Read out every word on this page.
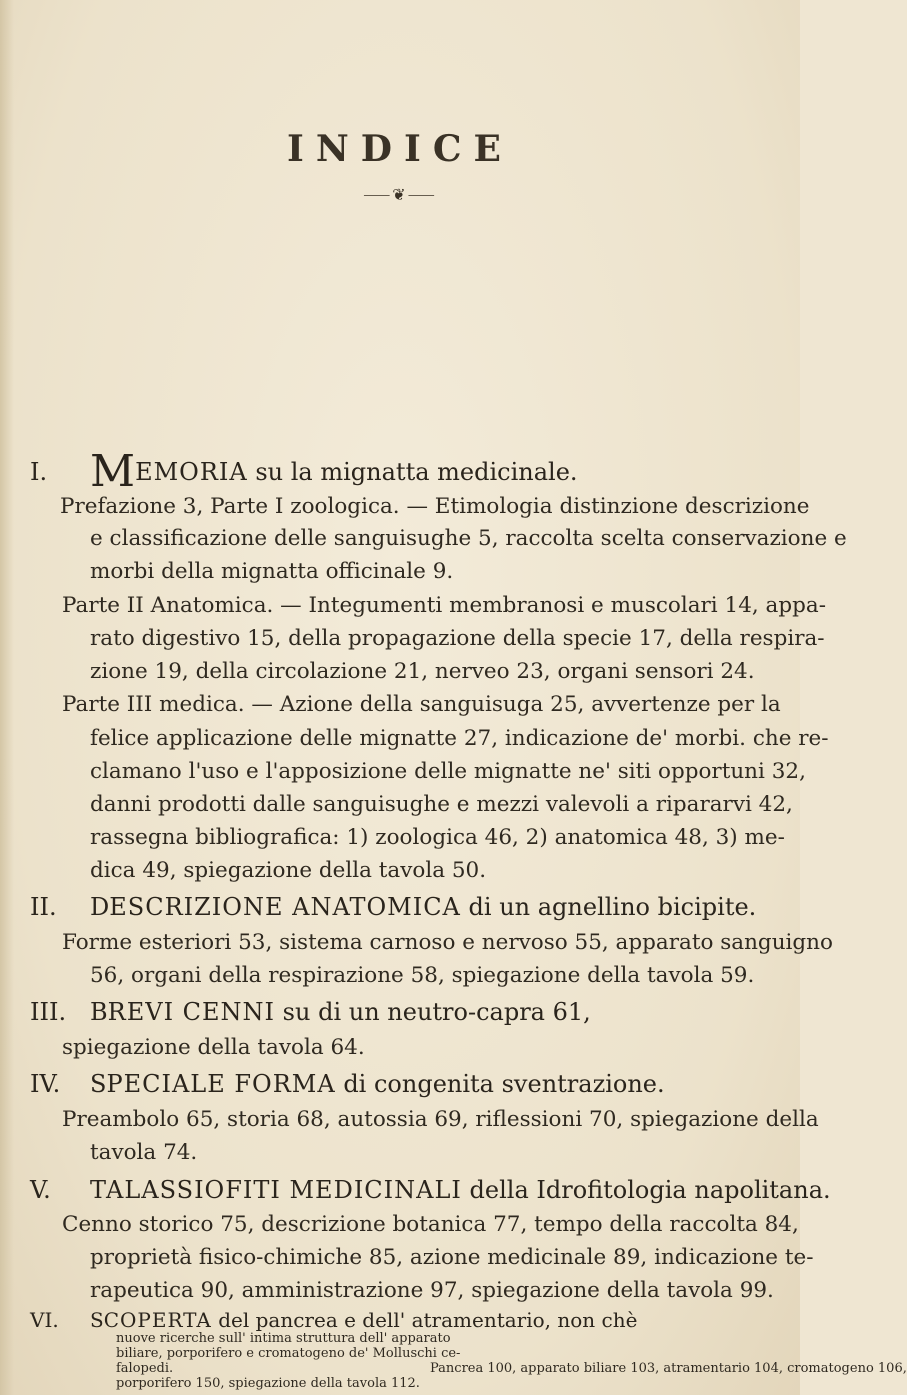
INDICE
⸺❦⸺
I. MEMORIA su la mignatta medicinale.
Prefazione 3, Parte I zoologica. — Etimologia distinzione descrizione
e classificazione delle sanguisughe 5, raccolta scelta conservazione e
morbi della mignatta officinale 9.
Parte II Anatomica. — Integumenti membranosi e muscolari 14, appa-
rato digestivo 15, della propagazione della specie 17, della respira-
zione 19, della circolazione 21, nerveo 23, organi sensori 24.
Parte III medica. — Azione della sanguisuga 25, avvertenze per la
felice applicazione delle mignatte 27, indicazione de' morbi. che re-
clamano l'uso e l'apposizione delle mignatte ne' siti opportuni 32,
danni prodotti dalle sanguisughe e mezzi valevoli a ripararvi 42,
rassegna bibliografica: 1) zoologica 46, 2) anatomica 48, 3) me-
dica 49, spiegazione della tavola 50.
II. DESCRIZIONE ANATOMICA di un agnellino bicipite.
Forme esteriori 53, sistema carnoso e nervoso 55, apparato sanguigno
56, organi della respirazione 58, spiegazione della tavola 59.
III. BREVI CENNI su di un neutro-capra 61,
spiegazione della tavola 64.
IV. SPECIALE FORMA di congenita sventrazione.
Preambolo 65, storia 68, autossia 69, riflessioni 70, spiegazione della
tavola 74.
V. TALASSIOFITI MEDICINALI della Idrofitologia napolitana.
Cenno storico 75, descrizione botanica 77, tempo della raccolta 84,
proprietà fisico-chimiche 85, azione medicinale 89, indicazione te-
rapeutica 90, amministrazione 97, spiegazione della tavola 99.
VI. SCOPERTA del pancrea e dell' atramentario, non chè
nuove ricerche sull' intima struttura dell' apparato
biliare, porporifero e cromatogeno de' Molluschi ce-
falopedi.	Pancrea 100, apparato biliare 103, atramentario 104, cromatogeno 106,
porporifero 150, spiegazione della tavola 112.
